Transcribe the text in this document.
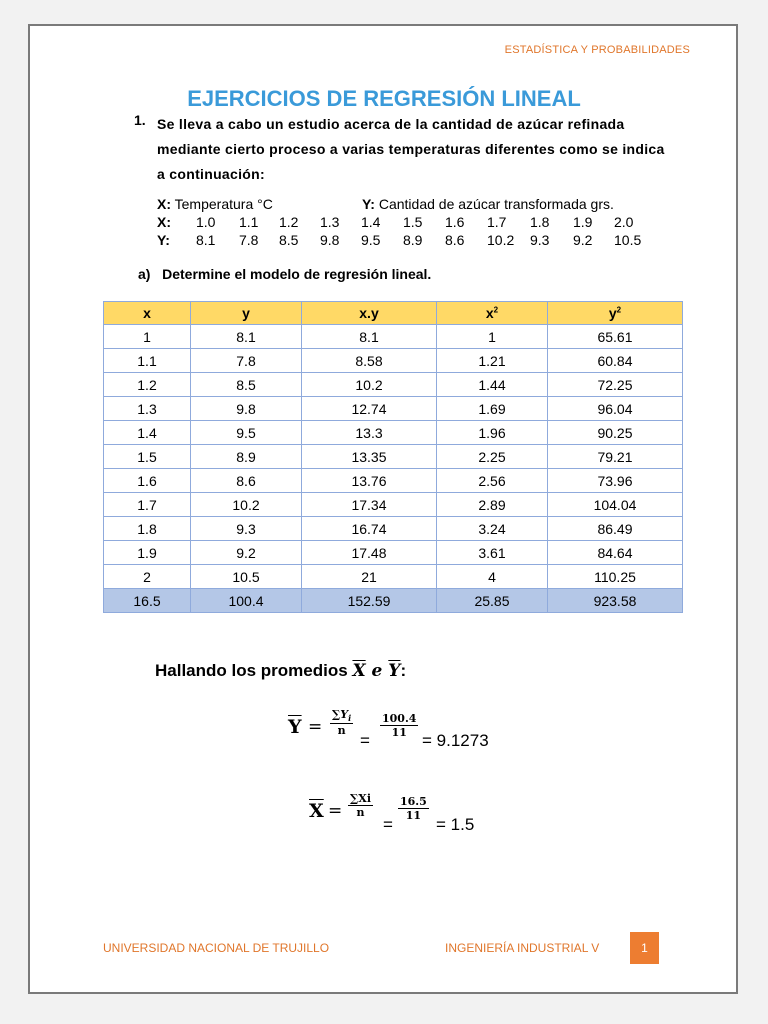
ESTADÍSTICA Y PROBABILIDADES
EJERCICIOS DE REGRESIÓN LINEAL
1. Se lleva a cabo un estudio acerca de la cantidad de azúcar refinada mediante cierto proceso a varias temperaturas diferentes como se indica a continuación:
X: Temperatura °C	Y: Cantidad de azúcar transformada grs.
X: 1.0 1.1 1.2 1.3 1.4 1.5 1.6 1.7 1.8 1.9 2.0
Y: 8.1 7.8 8.5 9.8 9.5 8.9 8.6 10.2 9.3 9.2 10.5
a) Determine el modelo de regresión lineal.
x	y	x.y	$x^2$	$y^2$
1	8.1	8.1	1	65.61
1.1	7.8	8.58	1.21	60.84
1.2	8.5	10.2	1.44	72.25
1.3	9.8	12.74	1.69	96.04
1.4	9.5	13.3	1.96	90.25
1.5	8.9	13.35	2.25	79.21
1.6	8.6	13.76	2.56	73.96
1.7	10.2	17.34	2.89	104.04
1.8	9.3	16.74	3.24	86.49
1.9	9.2	17.48	3.61	84.64
2	10.5	21	4	110.25
16.5	100.4	152.59	25.85	923.58
Hallando los promedios $\overline{X}$ e $\overline{Y}$:
$\overline{Y} = \frac{\sum Y_i}{n}$
=
$\frac{100.4}{11}$
= 9.1273
$\overline{X} = \frac{\sum Xi}{n}$
=
$\frac{16.5}{11}$
= 1.5
UNIVERSIDAD NACIONAL DE TRUJILLO	INGENIERÍA INDUSTRIAL V	1
